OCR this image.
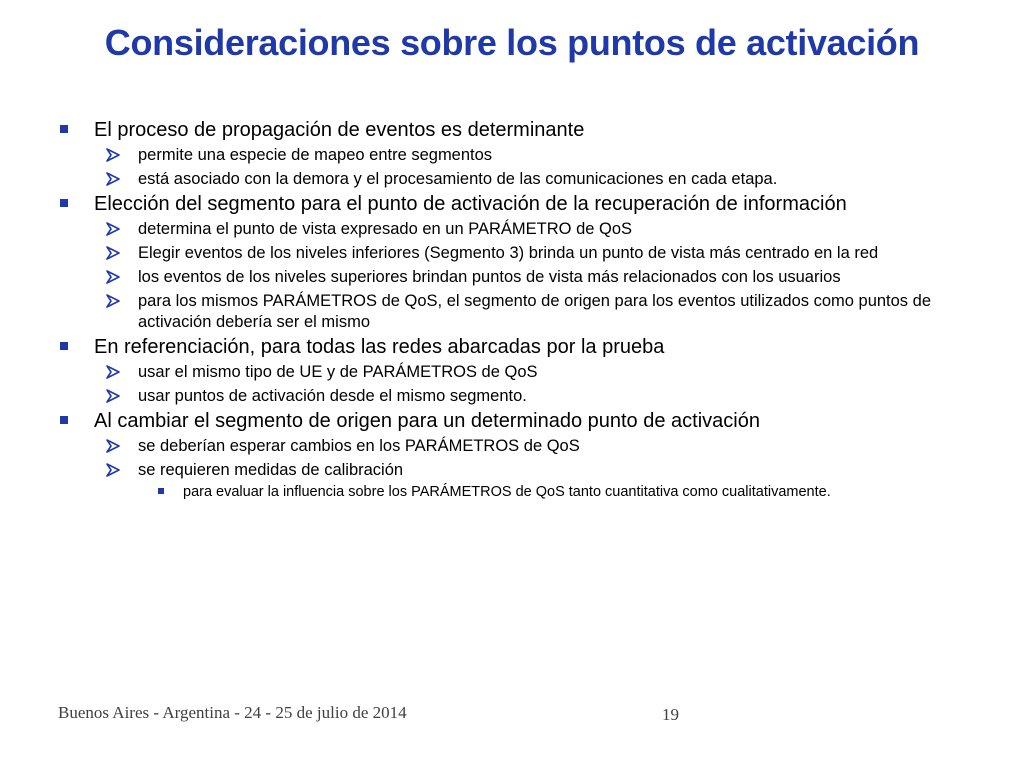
Consideraciones sobre los puntos de activación
El proceso de propagación de eventos es determinante
permite una especie de mapeo entre segmentos
está asociado con la demora y el procesamiento de las comunicaciones en cada etapa.
Elección del segmento para el punto de activación de la recuperación de información
determina el punto de vista expresado en un PARÁMETRO de QoS
Elegir eventos de los niveles inferiores (Segmento 3) brinda un punto de vista más centrado en la red
los eventos de los niveles superiores brindan puntos de vista más relacionados con los usuarios
para los mismos PARÁMETROS de QoS, el segmento de origen para los eventos utilizados como puntos de activación debería ser el mismo
En referenciación, para todas las redes abarcadas por la prueba
usar el mismo tipo de UE y de PARÁMETROS de QoS
usar puntos de activación desde el mismo segmento.
Al cambiar el segmento de origen para un determinado punto de activación
se deberían esperar cambios en los PARÁMETROS de QoS
se requieren medidas de calibración
para evaluar la influencia sobre los PARÁMETROS de QoS tanto cuantitativa como cualitativamente.
Buenos Aires - Argentina - 24 - 25 de julio de 2014	19
